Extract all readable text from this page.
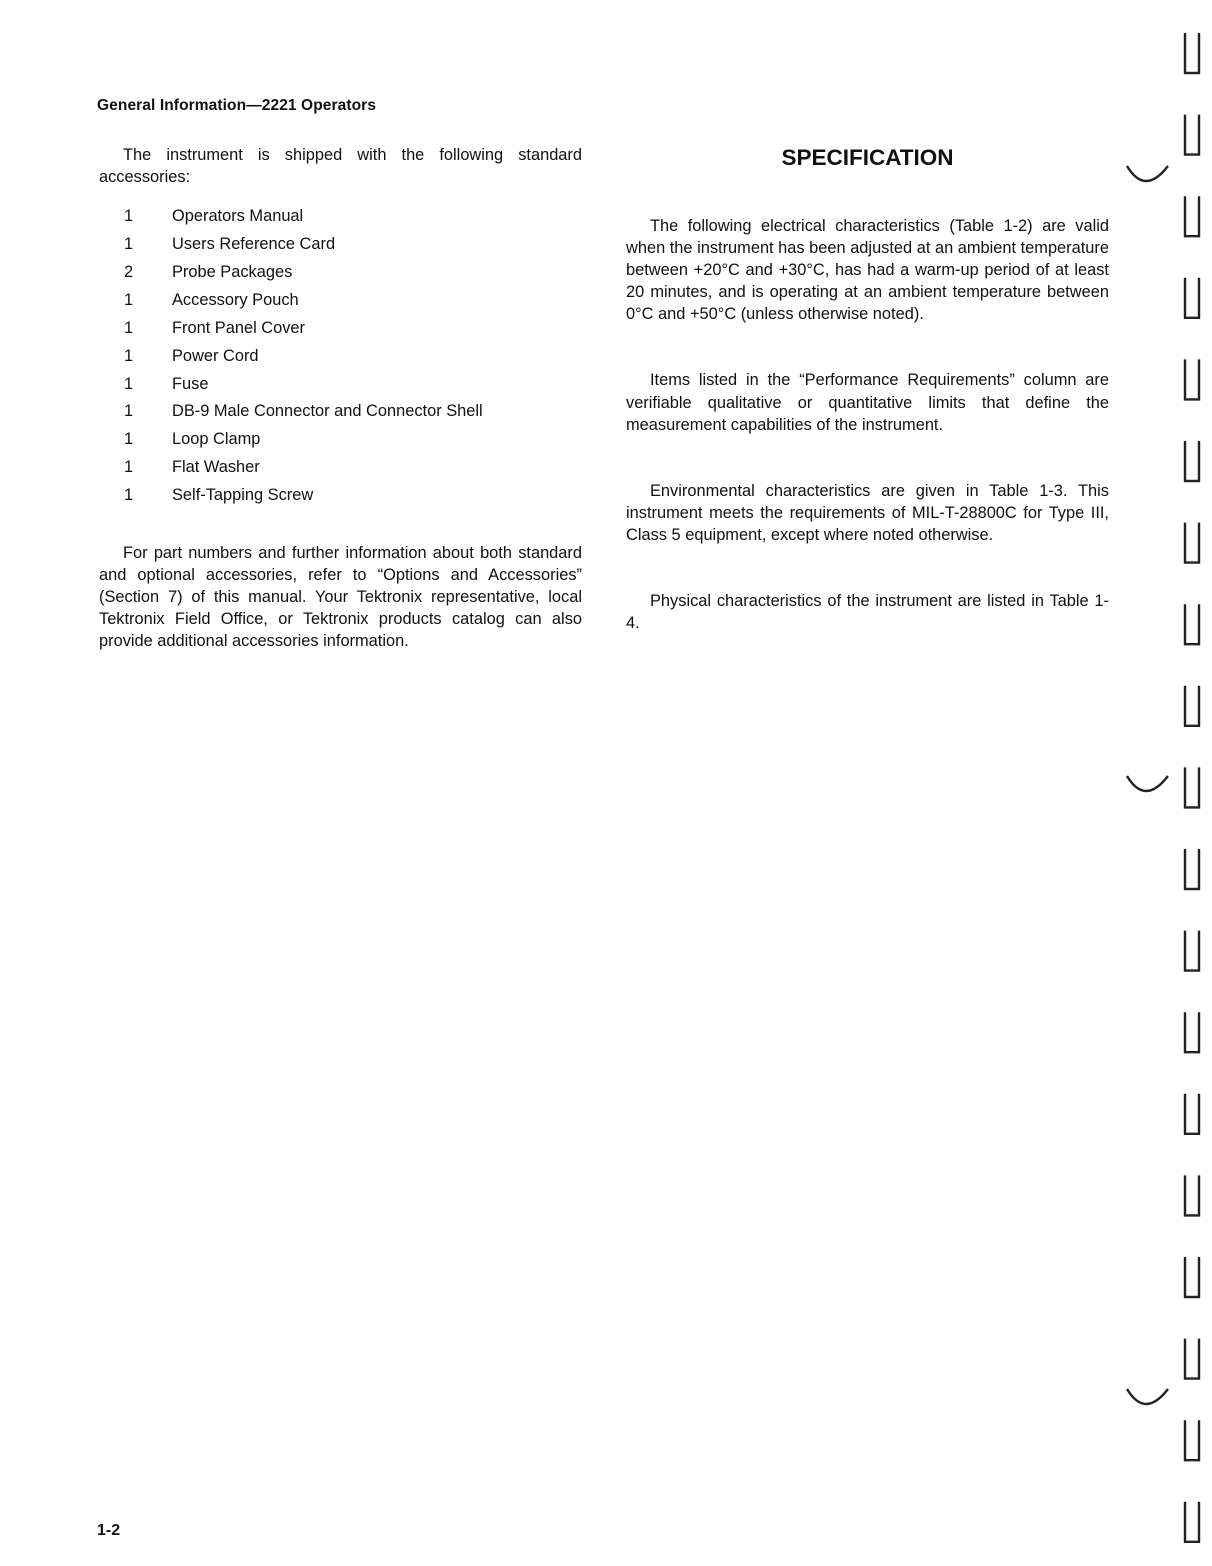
General Information—2221 Operators

The instrument is shipped with the following standard accessories:

1	Operators Manual
1	Users Reference Card
2	Probe Packages
1	Accessory Pouch
1	Front Panel Cover
1	Power Cord
1	Fuse
1	DB-9 Male Connector and Connector Shell
1	Loop Clamp
1	Flat Washer
1	Self-Tapping Screw

For part numbers and further information about both standard and optional accessories, refer to “Options and Accessories” (Section 7) of this manual. Your Tektronix representative, local Tektronix Field Office, or Tektronix products catalog can also provide additional accessories information.

SPECIFICATION

The following electrical characteristics (Table 1-2) are valid when the instrument has been adjusted at an ambient temperature between +20°C and +30°C, has had a warm-up period of at least 20 minutes, and is operating at an ambient temperature between 0°C and +50°C (unless otherwise noted).

Items listed in the “Performance Requirements” column are verifiable qualitative or quantitative limits that define the measurement capabilities of the instrument.

Environmental characteristics are given in Table 1-3. This instrument meets the requirements of MIL-T-28800C for Type III, Class 5 equipment, except where noted otherwise.

Physical characteristics of the instrument are listed in Table 1-4.

1-2
